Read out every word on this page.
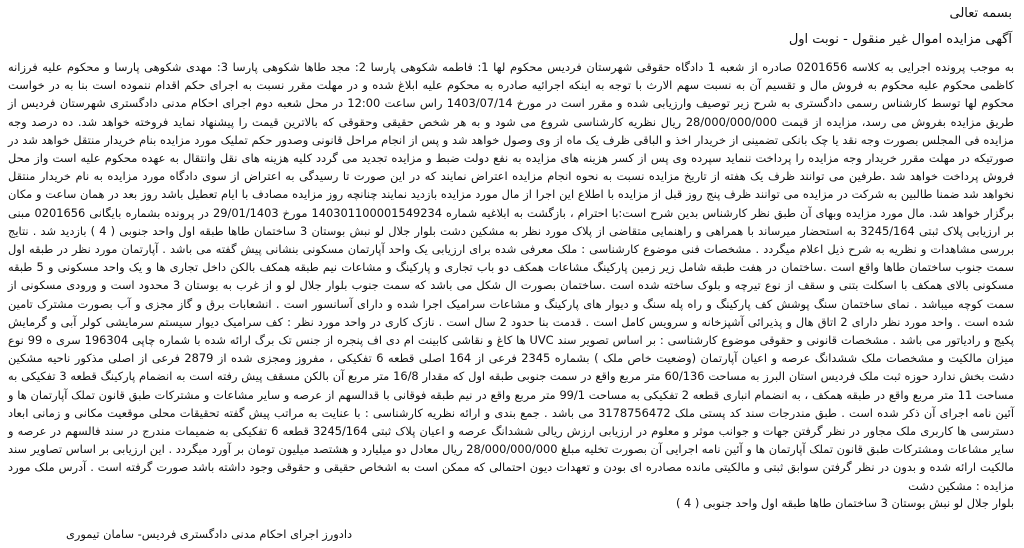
بسمه تعالی
آگهی مزایده اموال غیر منقول - نوبت اول

به موجب پرونده اجرایی به کلاسه 0201656 صادره از شعبه 1 دادگاه حقوقی شهرستان فردیس محکوم لها 1: فاطمه شکوهی پارسا 2: مجد طاها شکوهی پارسا 3: مهدی شکوهی پارسا و محکوم علیه فرزانه کاظمی محکوم علیه محکوم به فروش مال و تقسیم آن به نسبت سهم الارث با توجه به اینکه اجرائیه صادره به محکوم علیه ابلاغ شده و در مهلت مقرر نسبت به اجرای حکم اقدام ننموده است بنا به در خواست محکوم لها توسط کارشناس رسمی دادگستری به شرح زیر توصیف وارزیابی شده و مقرر است در مورخ 1403/07/14 راس ساعت 12:00 در محل شعبه دوم اجرای احکام مدنی دادگستری شهرستان فردیس از طریق مزایده بفروش می رسد، مزایده از قیمت 28/000/000/000 ریال نظریه کارشناسی شروع می شود و به هر شخص حقیقی وحقوقی که بالاترین قیمت را پیشنهاد نماید فروخته خواهد شد. ده درصد وجه مزایده فی المجلس بصورت وجه نقد یا چک بانکی تضمینی از خریدار اخذ و الباقی ظرف یک ماه از وی وصول خواهد شد و پس از انجام مراحل قانونی وصدور حکم تملیک مورد مزایده بنام خریدار منتقل خواهد شد در صورتیکه در مهلت مقرر خریدار وجه مزایده را پرداخت ننماید سپرده وی پس از کسر هزینه های مزایده به نفع دولت ضبط و مزایده تجدید می گردد کلیه هزینه های نقل وانتقال به عهده محکوم علیه است واز محل فروش پرداخت خواهد شد .طرفین می توانند ظرف یک هفته از تاریخ مزایده نسبت به نحوه انجام مزایده اعتراض نمایند که در این صورت تا رسیدگی به اعتراض از سوی دادگاه مورد مزایده به نام خریدار منتقل نخواهد شد ضمنا طالبین به شرکت در مزایده می توانند ظرف پنج روز قبل از مزایده با اطلاع این اجرا از مال مورد مزایده بازدید نمایند چنانچه روز مزایده مصادف با ایام تعطیل باشد روز بعد در همان ساعت و مکان برگزار خواهد شد. مال مورد مزایده وبهای آن طبق نظر کارشناس بدین شرح است:با احترام ، بازگشت به ابلاغیه شماره 140301100001549234 مورخ 29/01/1403 در پرونده بشماره بایگانی 0201656 مبنی بر ارزیابی پلاک ثبتی 3245/164 به استحضار میرساند با همراهی و راهنمایی متقاضی از پلاک مورد نظر به مشکین دشت بلوار جلال لو نبش بوستان 3 ساختمان طاها طبقه اول واحد جنوبی ( 4 ) بازدید شد . نتایج بررسی مشاهدات و نظریه به شرح ذیل اعلام میگردد . مشخصات فنی موضوع کارشناسی : ملک معرفی شده برای ارزیابی یک واحد آپارتمان مسکونی بنشانی پیش گفته می باشد . آپارتمان مورد نظر در طبقه اول سمت جنوب ساختمان طاها واقع است .ساختمان در هفت طبقه شامل زیر زمین پارکینگ مشاعات همکف دو باب تجاری و پارکینگ و مشاعات نیم طبقه همکف بالکن داخل تجاری ها و یک واحد مسکونی و 5 طبقه مسکونی بالای همکف با اسکلت بتنی و سقف از نوع تیرچه و بلوک ساخته شده است .ساختمان بصورت ال شکل می باشد که سمت جنوب بلوار جلال لو و از غرب به بوستان 3 محدود است و ورودی مسکونی از سمت کوچه میباشد . نمای ساختمان سنگ پوشش کف پارکینگ و راه پله سنگ و دیوار های پارکینگ و مشاعات سرامیک اجرا شده و دارای آسانسور است . انشعابات برق و گاز مجزی و آب بصورت مشترک تامین شده است . واحد مورد نظر دارای 2 اتاق هال و پذیرائی آشپزخانه و سرویس کامل است . قدمت بنا حدود 2 سال است . نازک کاری در واحد مورد نظر : کف سرامیک دیوار سیستم سرمایشی کولر آبی و گرمایش پکیج و رادیاتور می باشد . مشخصات قانونی و حقوقی موضوع کارشناسی : بر اساس تصویر سند UVC ها کاغ و نقاشی کابینت ام دی اف پنجره از جنس تک برگ ارائه شده با شماره چاپی 196304 سری ه 99 نوع میزان مالکیت و مشخصات ملک ششدانگ عرصه و اعیان آپارتمان (وضعیت خاص ملک ) بشماره 2345 فرعی از 164 اصلی قطعه 6 تفکیکی ، مفروز ومجزی شده از 2879 فرعی از اصلی مذکور ناحیه مشکین دشت بخش ندارد حوزه ثبت ملک فردیس استان البرز به مساحت 60/136 متر مربع واقع در سمت جنوبی طبقه اول که مقدار 16/8 متر مربع آن بالکن مسقف پیش رفته است به انضمام پارکینگ قطعه 3 تفکیکی به مساحت 11 متر مربع واقع در طبقه همکف ، به انضمام انباری قطعه 2 تفکیکی به مساحت 99/1 متر مربع واقع در نیم طبقه فوقانی با قدالسهم از عرصه و سایر مشاعات و مشترکات طبق قانون تملک آپارتمان ها و آئین نامه اجرای آن ذکر شده است . طبق مندرجات سند کد پستی ملک 3178756472 می باشد . جمع بندی و ارائه نظریه کارشناسی : با عنایت به مراتب پیش گفته تحقیقات محلی موقعیت مکانی و زمانی ابعاد دسترسی ها کاربری ملک مجاور در نظر گرفتن جهات و جوانب موثر و معلوم در ارزیابی ارزش ریالی ششدانگ عرصه و اعیان پلاک ثبتی 3245/164 قطعه 6 تفکیکی به ضمیمات مندرج در سند فالسهم در عرصه و سایر مشاعات ومشترکات طبق قانون تملک آپارتمان ها و آئین نامه اجرایی آن بصورت تخلیه مبلغ 28/000/000/000 ریال معادل دو میلیارد و هشتصد میلیون تومان بر آورد میگردد . این ارزیابی بر اساس تصاویر سند مالکیت ارائه شده و بدون در نظر گرفتن سوابق ثبتی و مالکیتی مانده مصادره ای بودن و تعهدات دیون احتمالی که ممکن است به اشخاص حقیقی و حقوقی وجود داشته باشد صورت گرفته است . آدرس ملک مورد مزایده : مشکین دشت

بلوار جلال لو نبش بوستان 3 ساختمان طاها طبقه اول واحد جنوبی ( 4 )
دادورز اجرای احکام مدنی دادگستری فردیس- سامان تیموری
